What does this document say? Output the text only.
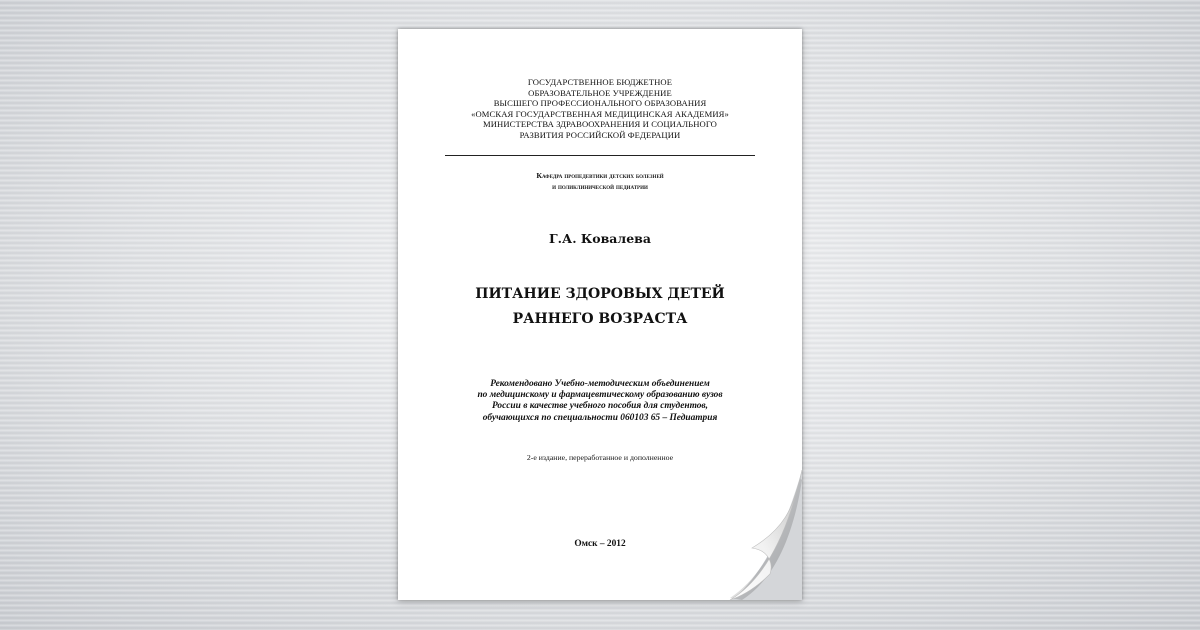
ГОСУДАРСТВЕННОЕ БЮДЖЕТНОЕ
ОБРАЗОВАТЕЛЬНОЕ УЧРЕЖДЕНИЕ
ВЫСШЕГО ПРОФЕССИОНАЛЬНОГО ОБРАЗОВАНИЯ
«ОМСКАЯ ГОСУДАРСТВЕННАЯ МЕДИЦИНСКАЯ АКАДЕМИЯ»
МИНИСТЕРСТВА ЗДРАВООХРАНЕНИЯ И СОЦИАЛЬНОГО
РАЗВИТИЯ РОССИЙСКОЙ ФЕДЕРАЦИИ
Кафедра пропедевтики детских болезней
и поликлинической педиатрии
Г.А. Ковалева
ПИТАНИЕ ЗДОРОВЫХ ДЕТЕЙ
РАННЕГО ВОЗРАСТА
Рекомендовано Учебно-методическим объединением
по медицинскому и фармацевтическому образованию вузов
России в качестве учебного пособия для студентов,
обучающихся по специальности 060103 65 – Педиатрия
2-е издание, переработанное и дополненное
Омск – 2012
